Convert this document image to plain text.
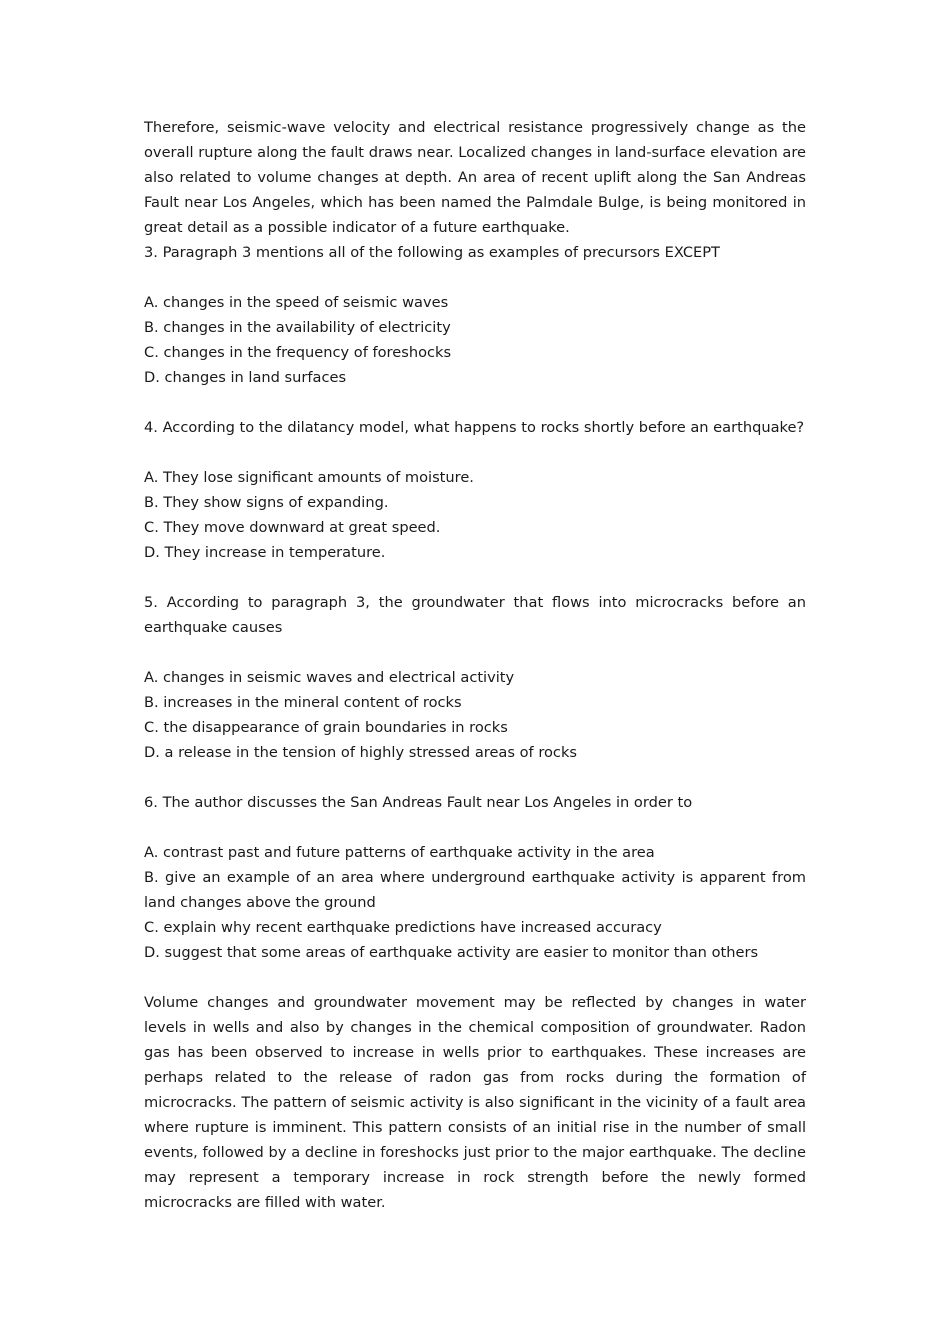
Therefore, seismic-wave velocity and electrical resistance progressively change as the overall rupture along the fault draws near. Localized changes in land-surface elevation are also related to volume changes at depth. An area of recent uplift along the San Andreas Fault near Los Angeles, which has been named the Palmdale Bulge, is being monitored in great detail as a possible indicator of a future earthquake.

3. Paragraph 3 mentions all of the following as examples of precursors EXCEPT

A. changes in the speed of seismic waves

B. changes in the availability of electricity

C. changes in the frequency of foreshocks

D. changes in land surfaces

4. According to the dilatancy model, what happens to rocks shortly before an earthquake?

A. They lose significant amounts of moisture.

B. They show signs of expanding.

C. They move downward at great speed.

D. They increase in temperature.

5. According to paragraph 3, the groundwater that flows into microcracks before an earthquake causes

A. changes in seismic waves and electrical activity

B. increases in the mineral content of rocks

C. the disappearance of grain boundaries in rocks

D. a release in the tension of highly stressed areas of rocks

6. The author discusses the San Andreas Fault near Los Angeles in order to

A. contrast past and future patterns of earthquake activity in the area

B. give an example of an area where underground earthquake activity is apparent from land changes above the ground

C. explain why recent earthquake predictions have increased accuracy

D. suggest that some areas of earthquake activity are easier to monitor than others

Volume changes and groundwater movement may be reflected by changes in water levels in wells and also by changes in the chemical composition of groundwater. Radon gas has been observed to increase in wells prior to earthquakes. These increases are perhaps related to the release of radon gas from rocks during the formation of microcracks. The pattern of seismic activity is also significant in the vicinity of a fault area where rupture is imminent. This pattern consists of an initial rise in the number of small events, followed by a decline in foreshocks just prior to the major earthquake. The decline may represent a temporary increase in rock strength before the newly formed microcracks are filled with water.
